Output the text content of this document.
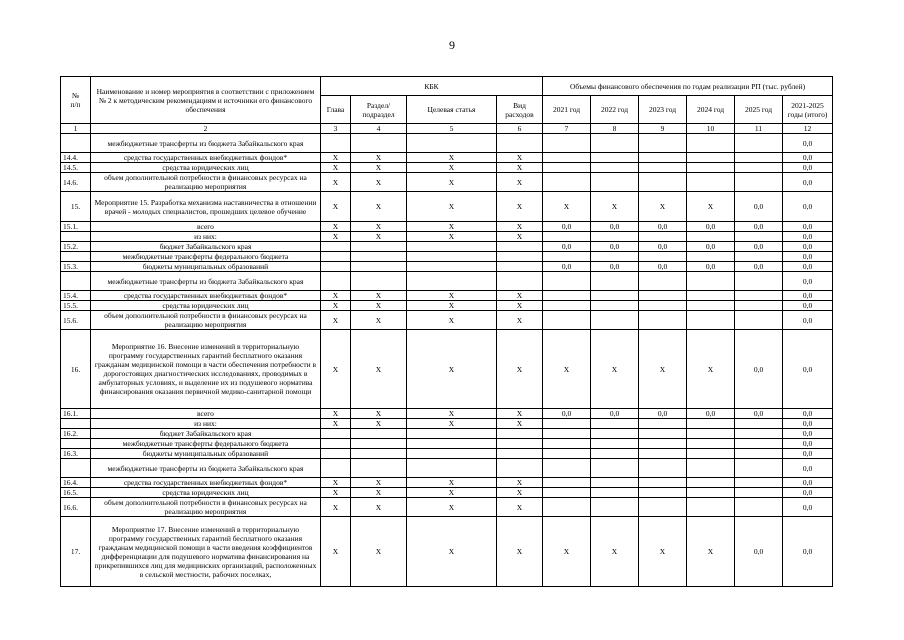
9
№
п/п	Наименование и номер мероприятия в соответствии с приложением № 2 к методическим рекомендациям и источники его финансового обеспечения	КБК				Объемы финансового обеспечения по годам реализации РП (тыс. рублей)					
		Глава	Раздел/подраздел	Целевая статья	Вид расходов	2021 год	2022 год	2023 год	2024 год	2025 год	2021-2025 годы (итого)
1	2	3	4	5	6	7	8	9	10	11	12
	межбюджетные трансферты из бюджета Забайкальского края										0,0
14.4.	средства государственных внебюджетных фондов*	X	X	X	X						0,0
14.5.	средства юридических лиц	X	X	X	X						0,0
14.6.	объем дополнительной потребности в финансовых ресурсах на реализацию мероприятия	X	X	X	X						0,0
15.	Мероприятие 15. Разработка механизма наставничества в отношении врачей - молодых специалистов, прошедших целевое обучение	X	X	X	X	X	X	X	X	0,0	0,0
15.1.	всего	X	X	X	X	0,0	0,0	0,0	0,0	0,0	0,0
	из них:	X	X	X	X						0,0
15.2.	бюджет Забайкальского края					0,0	0,0	0,0	0,0	0,0	0,0
	межбюджетные трансферты федерального бюджета										0,0
15.3.	бюджеты муниципальных образований					0,0	0,0	0,0	0,0	0,0	0,0
	межбюджетные трансферты из бюджета Забайкальского края										0,0
15.4.	средства государственных внебюджетных фондов*	X	X	X	X						0,0
15.5.	средства юридических лиц	X	X	X	X						0,0
15.6.	объем дополнительной потребности в финансовых ресурсах на реализацию мероприятия	X	X	X	X						0,0
16.	Мероприятие 16. Внесение изменений в территориальную программу государственных гарантий бесплатного оказания гражданам медицинской помощи в части обеспечения потребности в дорогостоящих диагностических исследованиях, проводимых в амбулаторных условиях, и выделение их из подушевого норматива финансирования оказания первичной медико-санитарной помощи	X	X	X	X	X	X	X	X	0,0	0,0
16.1.	всего	X	X	X	X	0,0	0,0	0,0	0,0	0,0	0,0
	из них:	X	X	X	X						0,0
16.2.	бюджет Забайкальского края										0,0
	межбюджетные трансферты федерального бюджета										0,0
16.3.	бюджеты муниципальных образований										0,0
	межбюджетные трансферты из бюджета Забайкальского края										0,0
16.4.	средства государственных внебюджетных фондов*	X	X	X	X						0,0
16.5.	средства юридических лиц	X	X	X	X						0,0
16.6.	объем дополнительной потребности в финансовых ресурсах на реализацию мероприятия	X	X	X	X						0,0
17.	Мероприятие 17. Внесение изменений в территориальную программу государственных гарантий бесплатного оказания гражданам медицинской помощи в части введения коэффициентов дифференциации для подушевого норматива финансирования на прикрепившихся лиц для медицинских организаций, расположенных в сельской местности, рабочих поселках,	X	X	X	X	X	X	X	X	0,0	0,0
